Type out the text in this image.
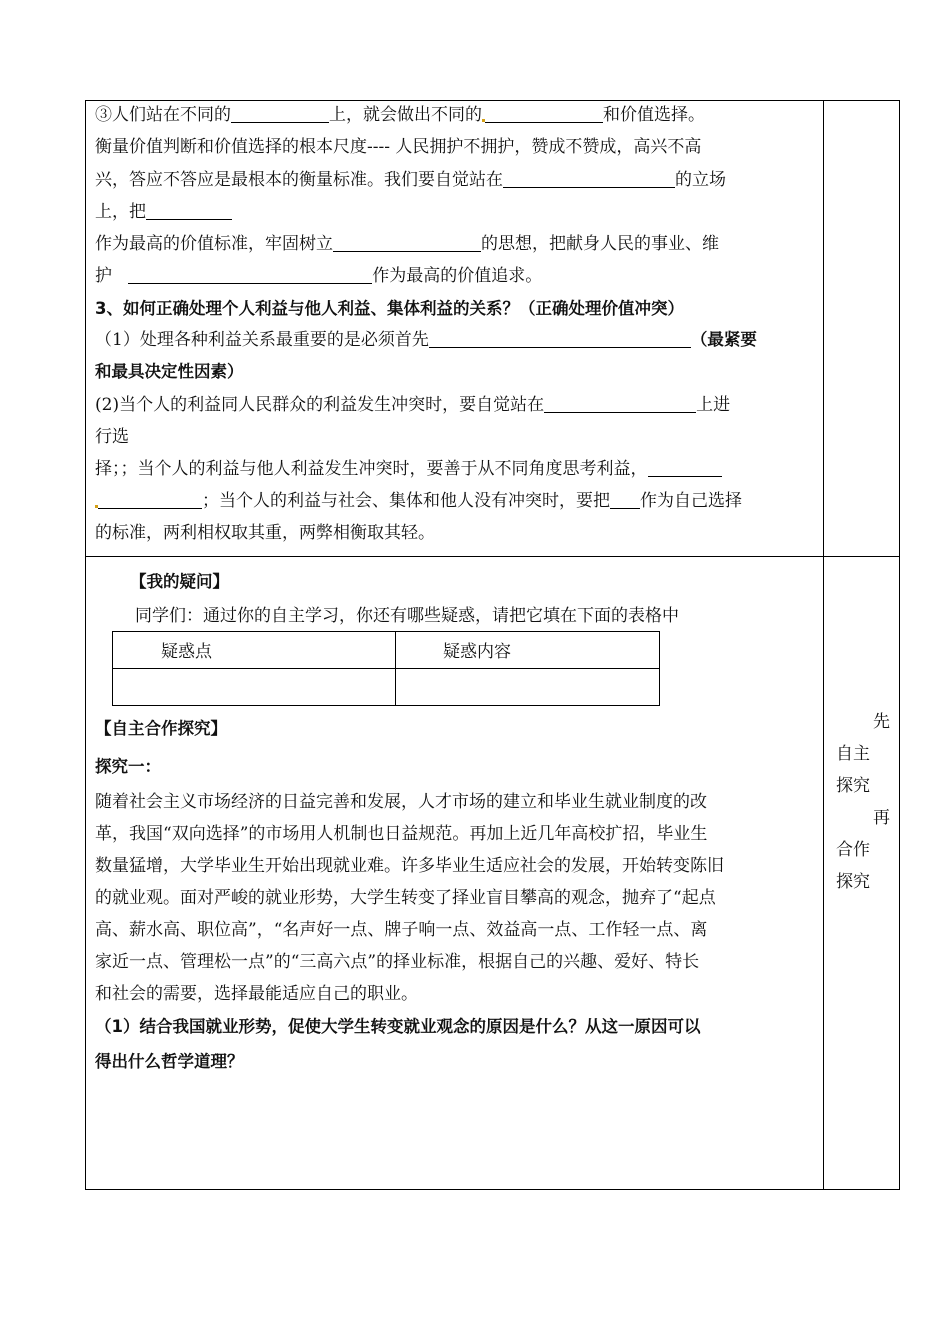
③人们站在不同的	上，就会做出不同的	和价值选择。
衡量价值判断和价值选择的根本尺度---- 人民拥护不拥护，赞成不赞成，高兴不高
兴，答应不答应是最根本的衡量标准。我们要自觉站在	的立场
上，把
作为最高的价值标准，牢固树立	的思想，把献身人民的事业、维
护	作为最高的价值追求。
3、如何正确处理个人利益与他人利益、集体利益的关系？（正确处理价值冲突）
（1）处理各种利益关系最重要的是必须首先	（最紧要
和最具决定性因素）
(2)当个人的利益同人民群众的利益发生冲突时，要自觉站在	上进
行选
择；；当个人的利益与他人利益发生冲突时，要善于从不同角度思考利益，
；当个人的利益与社会、集体和他人没有冲突时，要把 作为自己选择
的标准，两利相权取其重，两弊相衡取其轻。
【我的疑问】
同学们：通过你的自主学习，你还有哪些疑惑，请把它填在下面的表格中
疑惑点	疑惑内容
【自主合作探究】
探究一：
随着社会主义市场经济的日益完善和发展，人才市场的建立和毕业生就业制度的改
革，我国“双向选择”的市场用人机制也日益规范。再加上近几年高校扩招，毕业生
数量猛增，大学毕业生开始出现就业难。许多毕业生适应社会的发展，开始转变陈旧
的就业观。面对严峻的就业形势，大学生转变了择业盲目攀高的观念，抛弃了“起点
高、薪水高、职位高”，“名声好一点、牌子响一点、效益高一点、工作轻一点、离
家近一点、管理松一点”的“三高六点”的择业标准，根据自己的兴趣、爱好、特长
和社会的需要，选择最能适应自己的职业。
（1）结合我国就业形势，促使大学生转变就业观念的原因是什么？从这一原因可以
得出什么哲学道理？
先
自主
探究
再
合作
探究
